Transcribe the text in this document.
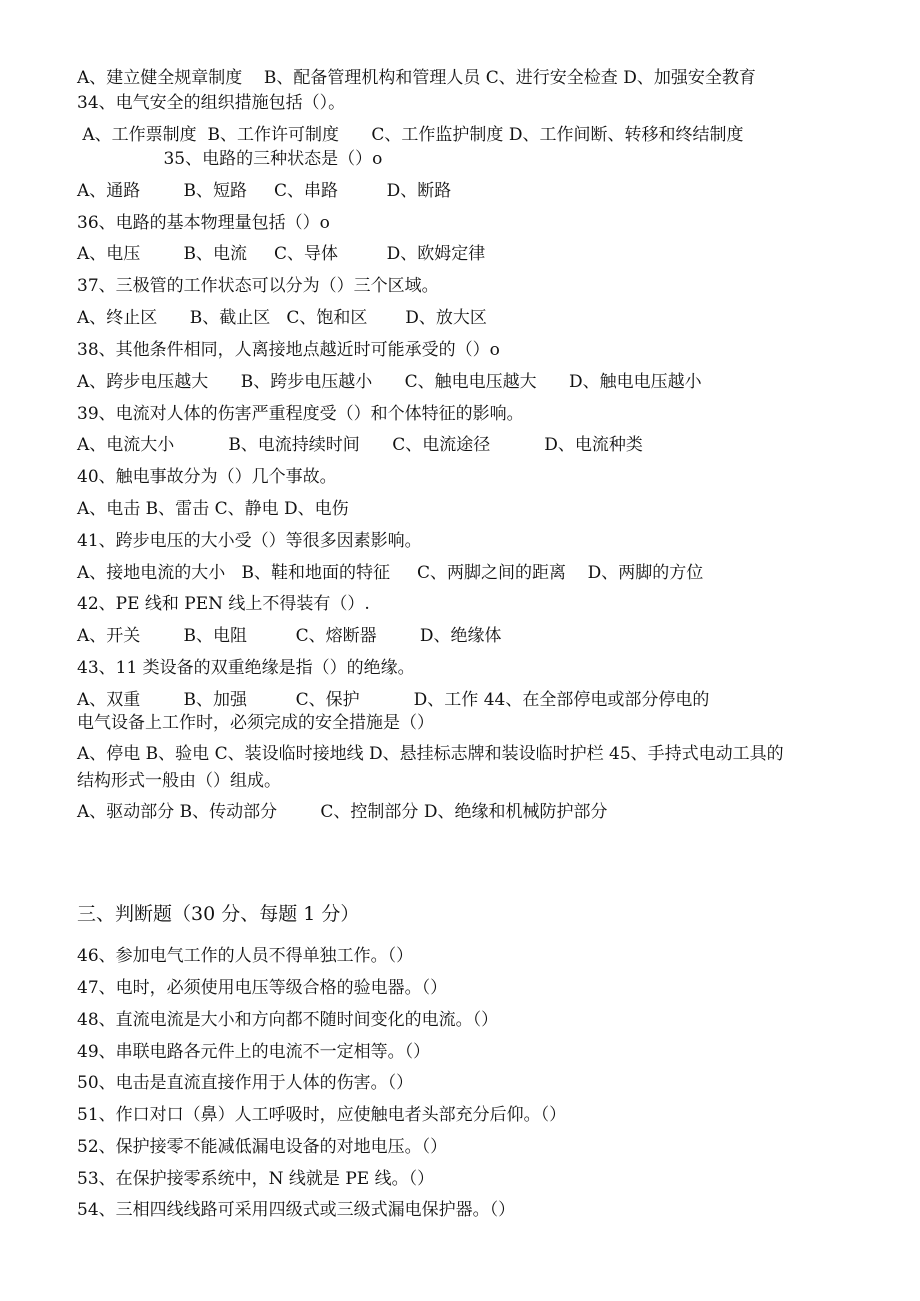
A、建立健全规章制度    B、配备管理机构和管理人员 C、进行安全检查 D、加强安全教育
34、电气安全的组织措施包括（）。
A、工作票制度  B、工作许可制度      C、工作监护制度 D、工作间断、转移和终结制度
35、电路的三种状态是（）o
A、通路        B、短路     C、串路         D、断路
36、电路的基本物理量包括（）o
A、电压        B、电流     C、导体         D、欧姆定律
37、三极管的工作状态可以分为（）三个区域。
A、终止区      B、截止区   C、饱和区       D、放大区
38、其他条件相同，人离接地点越近时可能承受的（）o
A、跨步电压越大      B、跨步电压越小      C、触电电压越大      D、触电电压越小
39、电流对人体的伤害严重程度受（）和个体特征的影响。
A、电流大小          B、电流持续时间      C、电流途径          D、电流种类
40、触电事故分为（）几个事故。
A、电击 B、雷击 C、静电 D、电伤
41、跨步电压的大小受（）等很多因素影响。
A、接地电流的大小   B、鞋和地面的特征     C、两脚之间的距离    D、两脚的方位
42、PE 线和 PEN 线上不得装有（）.
A、开关        B、电阻         C、熔断器        D、绝缘体
43、11 类设备的双重绝缘是指（）的绝缘。
A、双重        B、加强         C、保护          D、工作 44、在全部停电或部分停电的
电气设备上工作时，必须完成的安全措施是（）
A、停电 B、验电 C、装设临时接地线 D、悬挂标志牌和装设临时护栏 45、手持式电动工具的
结构形式一般由（）组成。
A、驱动部分 B、传动部分        C、控制部分 D、绝缘和机械防护部分
三、判断题（30 分、每题 1 分）
46、参加电气工作的人员不得单独工作。（）
47、电时，必须使用电压等级合格的验电器。（）
48、直流电流是大小和方向都不随时间变化的电流。（）
49、串联电路各元件上的电流不一定相等。（）
50、电击是直流直接作用于人体的伤害。（）
51、作口对口（鼻）人工呼吸时，应使触电者头部充分后仰。（）
52、保护接零不能减低漏电设备的对地电压。（）
53、在保护接零系统中，N 线就是 PE 线。（）
54、三相四线线路可采用四级式或三级式漏电保护器。（）
